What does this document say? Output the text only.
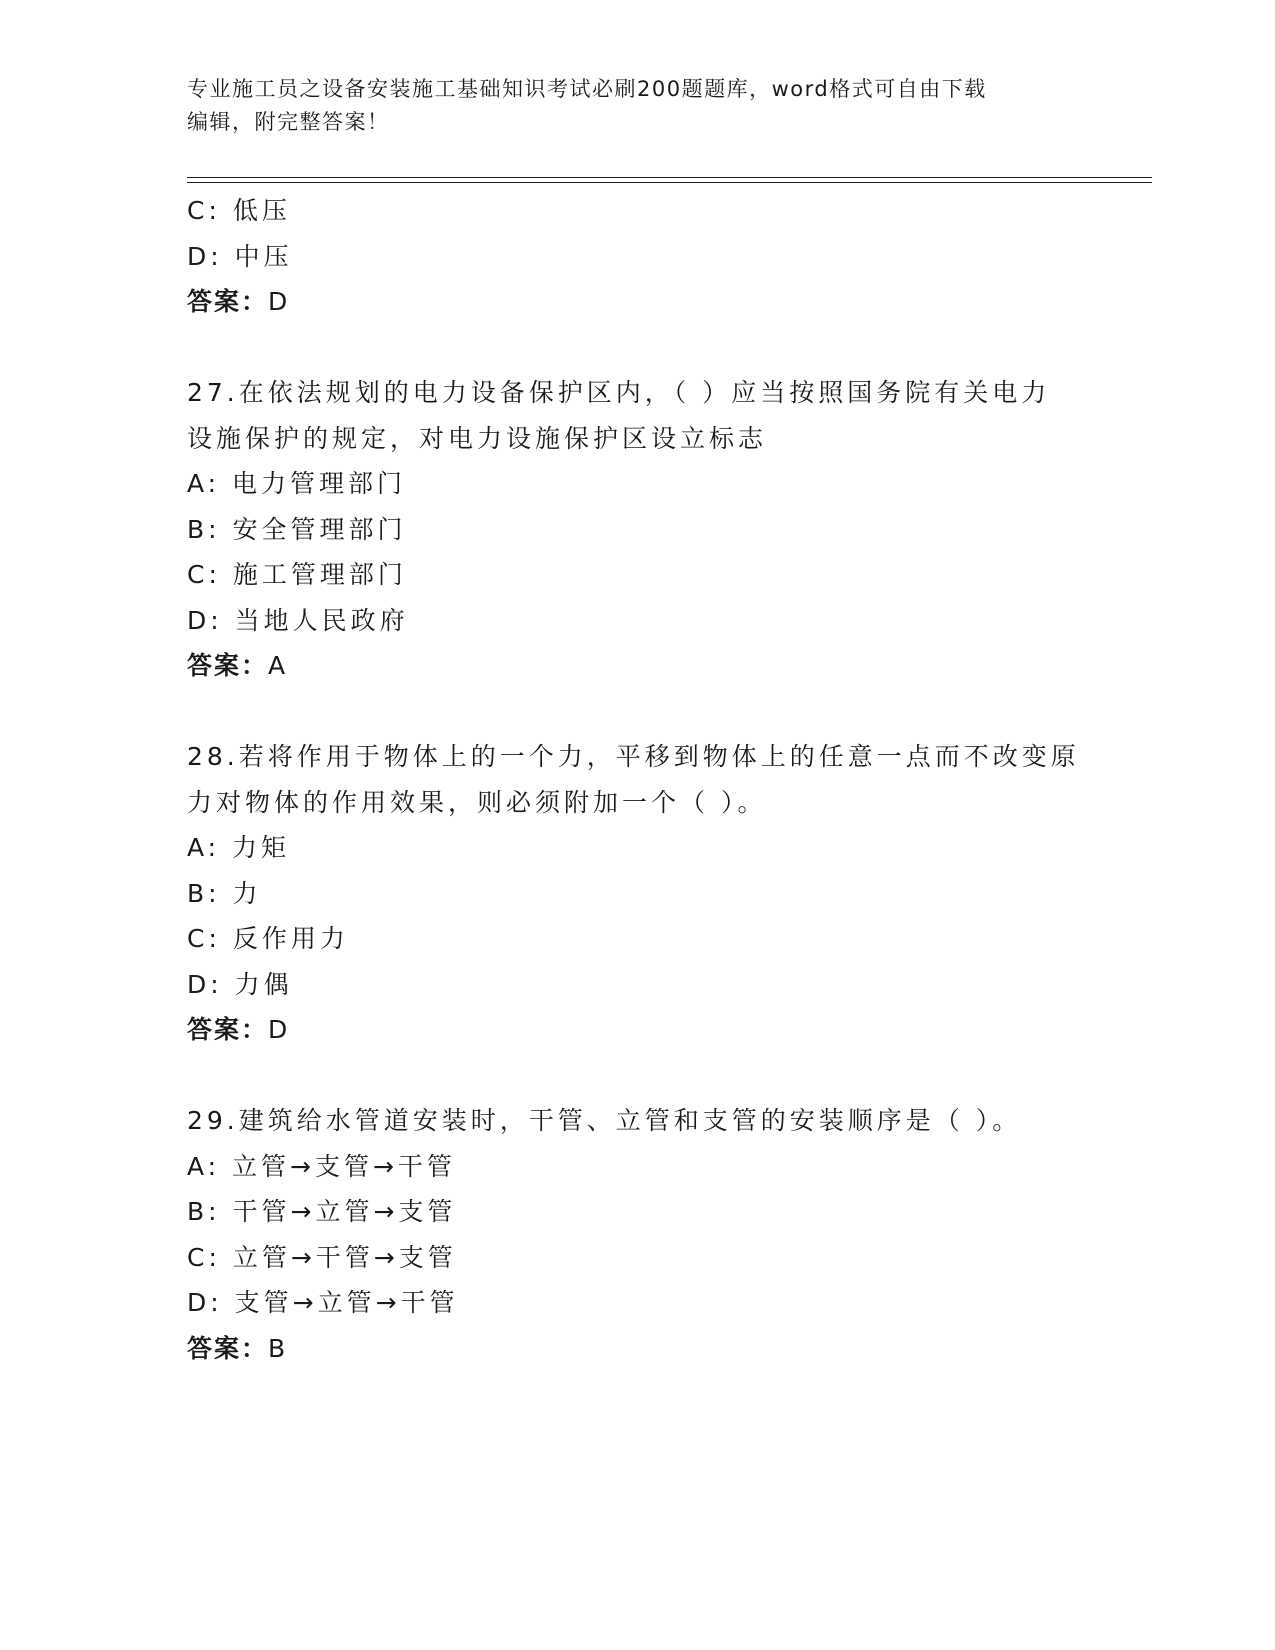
专业施工员之设备安装施工基础知识考试必刷200题题库，word格式可自由下载
编辑，附完整答案！
C: 低压
D: 中压
答案：D
27.在依法规划的电力设备保护区内，（ ）应当按照国务院有关电力
设施保护的规定，对电力设施保护区设立标志
A: 电力管理部门
B: 安全管理部门
C: 施工管理部门
D: 当地人民政府
答案：A
28.若将作用于物体上的一个力，平移到物体上的任意一点而不改变原
力对物体的作用效果，则必须附加一个（ ）。
A: 力矩
B: 力
C: 反作用力
D: 力偶
答案：D
29.建筑给水管道安装时，干管、立管和支管的安装顺序是（ ）。
A: 立管→支管→干管
B: 干管→立管→支管
C: 立管→干管→支管
D: 支管→立管→干管
答案：B
